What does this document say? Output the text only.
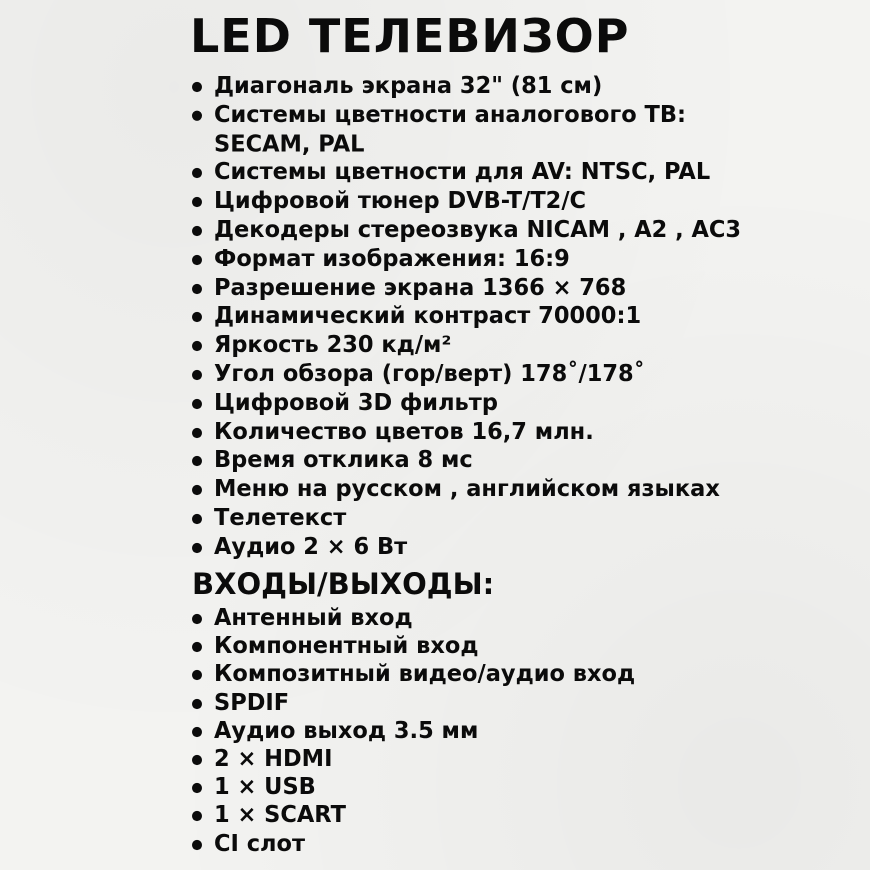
LED ТЕЛЕВИЗОР
Диагональ экрана 32" (81 см)
Системы цветности аналогового ТВ:
SECAM, PAL
Системы цветности для AV: NTSC, PAL
Цифровой тюнер DVB-T/T2/C
Декодеры стереозвука NICAM , A2 , AC3
Формат изображения: 16:9
Разрешение экрана 1366 × 768
Динамический контраст 70000:1
Яркость 230 кд/м²
Угол обзора (гор/верт) 178˚/178˚
Цифровой 3D фильтр
Количество цветов 16,7 млн.
Время отклика 8 мс
Меню на русском , английском языках
Телетекст
Аудио 2 × 6 Вт
ВХОДЫ/ВЫХОДЫ:
Антенный вход
Компонентный вход
Композитный видео/аудио вход
SPDIF
Аудио выход 3.5 мм
2 × HDMI
1 × USB
1 × SCART
CI слот
